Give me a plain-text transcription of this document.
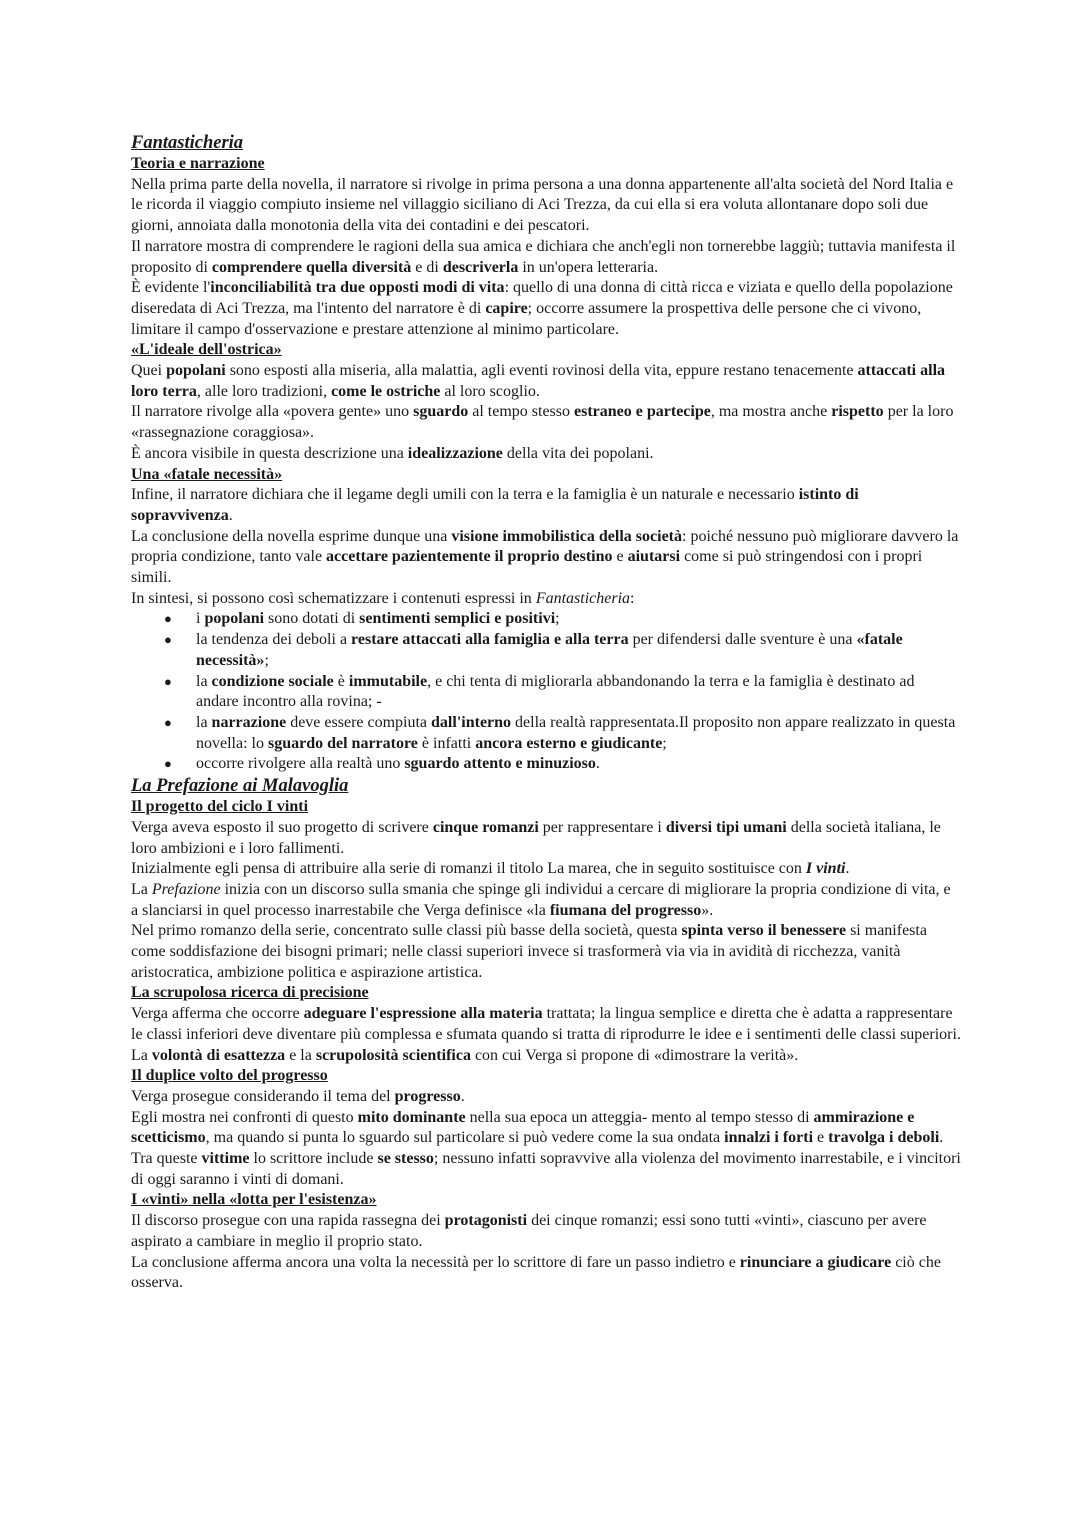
Fantasticheria
Teoria e narrazione

Nella prima parte della novella, il narratore si rivolge in prima persona a una donna appartenente all'alta società del Nord Italia e le ricorda il viaggio compiuto insieme nel villaggio siciliano di Aci Trezza, da cui ella si era voluta allontanare dopo soli due giorni, annoiata dalla monotonia della vita dei contadini e dei pescatori.

Il narratore mostra di comprendere le ragioni della sua amica e dichiara che anch'egli non tornerebbe laggiù; tuttavia manifesta il proposito di comprendere quella diversità e di descriverla in un'opera letteraria.

È evidente l'inconciliabilità tra due opposti modi di vita: quello di una donna di città ricca e viziata e quello della popolazione diseredata di Aci Trezza, ma l'intento del narratore è di capire; occorre assumere la prospettiva delle persone che ci vivono, limitare il campo d'osservazione e prestare attenzione al minimo particolare.

«L'ideale dell'ostrica»

Quei popolani sono esposti alla miseria, alla malattia, agli eventi rovinosi della vita, eppure restano tenacemente attaccati alla loro terra, alle loro tradizioni, come le ostriche al loro scoglio.

Il narratore rivolge alla «povera gente» uno sguardo al tempo stesso estraneo e partecipe, ma mostra anche rispetto per la loro «rassegnazione coraggiosa».

È ancora visibile in questa descrizione una idealizzazione della vita dei popolani.

Una «fatale necessità»

Infine, il narratore dichiara che il legame degli umili con la terra e la famiglia è un naturale e necessario istinto di sopravvivenza.

La conclusione della novella esprime dunque una visione immobilistica della società: poiché nessuno può migliorare davvero la propria condizione, tanto vale accettare pazientemente il proprio destino e aiutarsi come si può stringendosi con i propri simili.

In sintesi, si possono così schematizzare i contenuti espressi in Fantasticheria:

● i popolani sono dotati di sentimenti semplici e positivi;
● la tendenza dei deboli a restare attaccati alla famiglia e alla terra per difendersi dalle sventure è una «fatale necessità»;
● la condizione sociale è immutabile, e chi tenta di migliorarla abbandonando la terra e la famiglia è destinato ad andare incontro alla rovina; -
● la narrazione deve essere compiuta dall'interno della realtà rappresentata.Il proposito non appare realizzato in questa novella: lo sguardo del narratore è infatti ancora esterno e giudicante;
● occorre rivolgere alla realtà uno sguardo attento e minuzioso.
La Prefazione ai Malavoglia
Il progetto del ciclo I vinti

Verga aveva esposto il suo progetto di scrivere cinque romanzi per rappresentare i diversi tipi umani della società italiana, le loro ambizioni e i loro fallimenti.

Inizialmente egli pensa di attribuire alla serie di romanzi il titolo La marea, che in seguito sostituisce con I vinti.

La Prefazione inizia con un discorso sulla smania che spinge gli individui a cercare di migliorare la propria condizione di vita, e a slanciarsi in quel processo inarrestabile che Verga definisce «la fiumana del progresso».

Nel primo romanzo della serie, concentrato sulle classi più basse della società, questa spinta verso il benessere si manifesta come soddisfazione dei bisogni primari; nelle classi superiori invece si trasformerà via via in avidità di ricchezza, vanità aristocratica, ambizione politica e aspirazione artistica.

La scrupolosa ricerca di precisione

Verga afferma che occorre adeguare l'espressione alla materia trattata; la lingua semplice e diretta che è adatta a rappresentare le classi inferiori deve diventare più complessa e sfumata quando si tratta di riprodurre le idee e i sentimenti delle classi superiori.

La volontà di esattezza e la scrupolosità scientifica con cui Verga si propone di «dimostrare la verità».

Il duplice volto del progresso

Verga prosegue considerando il tema del progresso.

Egli mostra nei confronti di questo mito dominante nella sua epoca un atteggia- mento al tempo stesso di ammirazione e scetticismo, ma quando si punta lo sguardo sul particolare si può vedere come la sua ondata innalzi i forti e travolga i deboli.

Tra queste vittime lo scrittore include se stesso; nessuno infatti sopravvive alla violenza del movimento inarrestabile, e i vincitori di oggi saranno i vinti di domani.

I «vinti» nella «lotta per l'esistenza»

Il discorso prosegue con una rapida rassegna dei protagonisti dei cinque romanzi; essi sono tutti «vinti», ciascuno per avere aspirato a cambiare in meglio il proprio stato.

La conclusione afferma ancora una volta la necessità per lo scrittore di fare un passo indietro e rinunciare a giudicare ciò che osserva.
